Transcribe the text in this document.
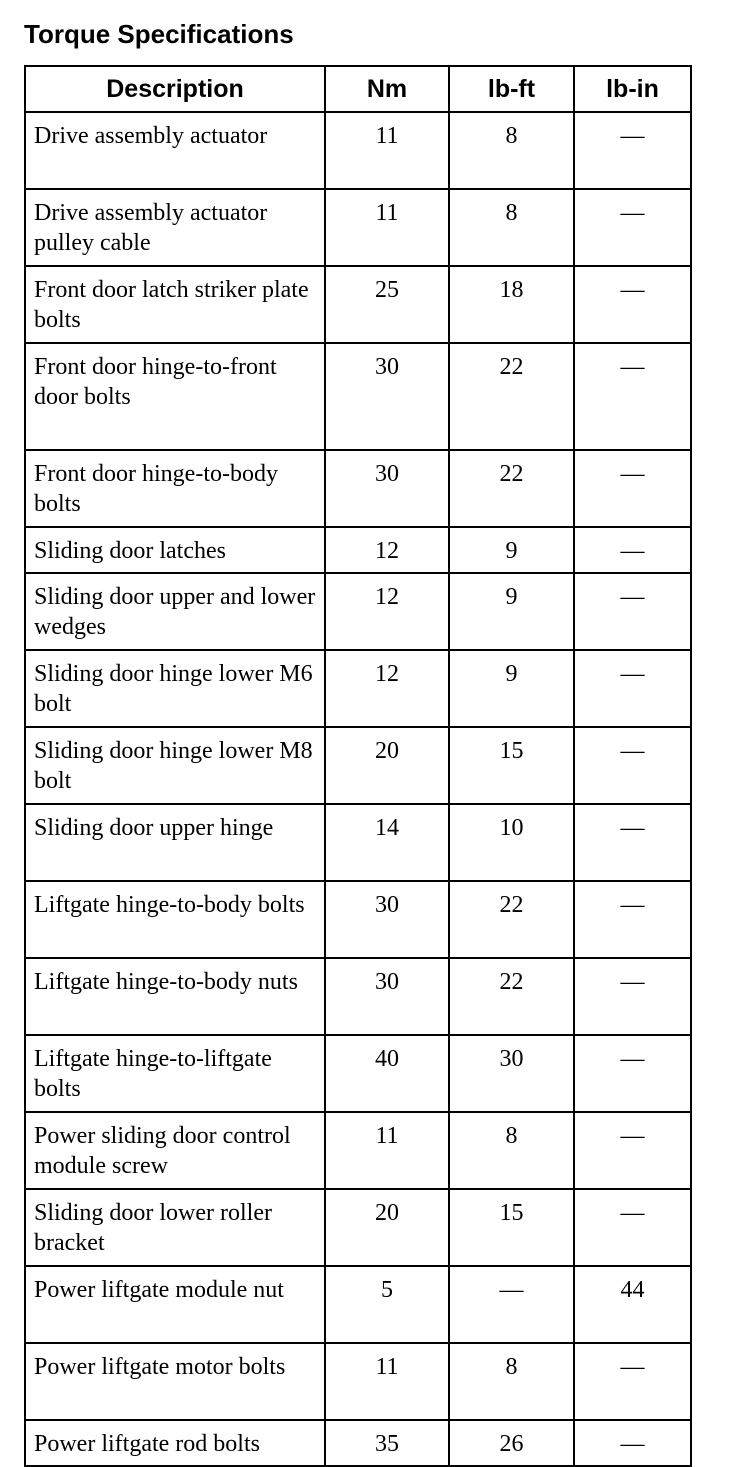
Torque Specifications
Description	Nm	lb-ft	lb-in
Drive assembly actuator	11	8	—
Drive assembly actuator pulley cable	11	8	—
Front door latch striker plate bolts	25	18	—
Front door hinge-to-front door bolts	30	22	—
Front door hinge-to-body bolts	30	22	—
Sliding door latches	12	9	—
Sliding door upper and lower wedges	12	9	—
Sliding door hinge lower M6 bolt	12	9	—
Sliding door hinge lower M8 bolt	20	15	—
Sliding door upper hinge	14	10	—
Liftgate hinge-to-body bolts	30	22	—
Liftgate hinge-to-body nuts	30	22	—
Liftgate hinge-to-liftgate bolts	40	30	—
Power sliding door control module screw	11	8	—
Sliding door lower roller bracket	20	15	—
Power liftgate module nut	5	—	44
Power liftgate motor bolts	11	8	—
Power liftgate rod bolts	35	26	—
